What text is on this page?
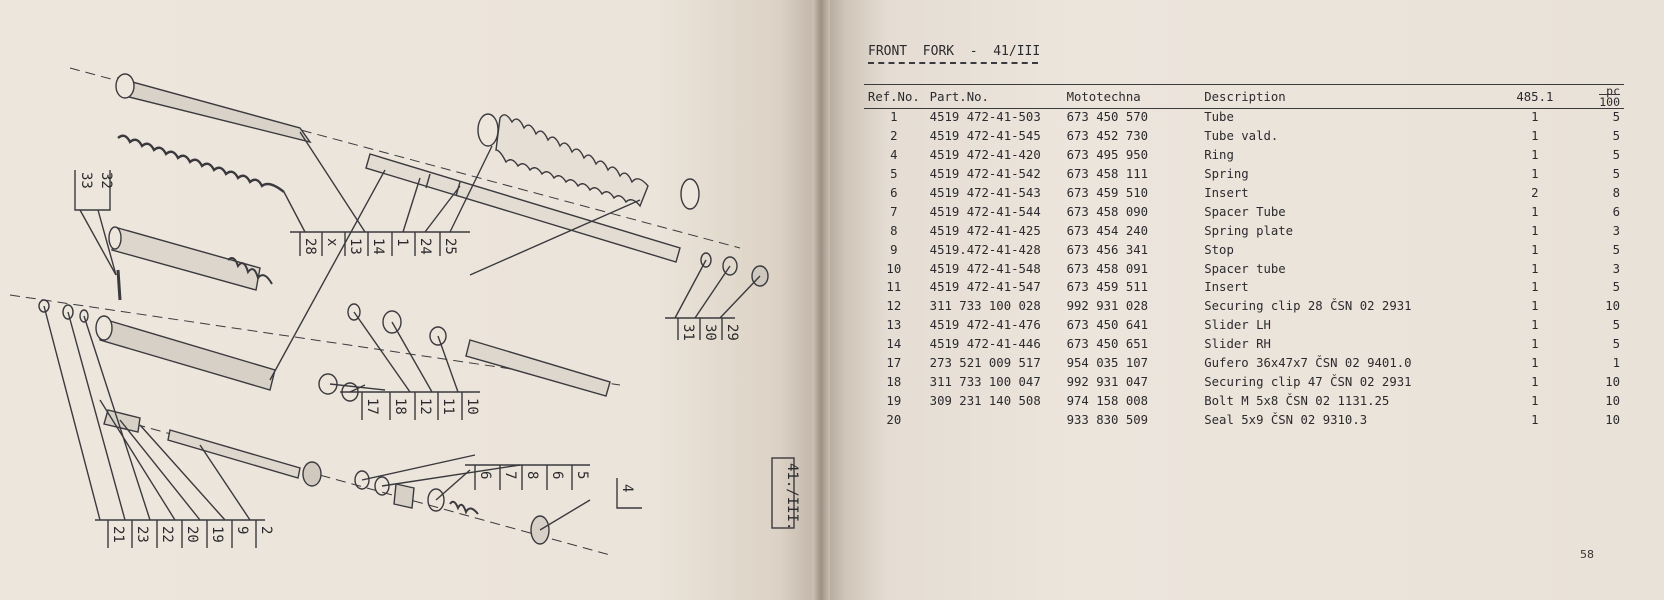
28 x 13 14 1 24 25
33 32
17 18 12 11 10
31 30 29
6 7 8 6 5
4
21 23 22 20 19 9 2	41./III.
FRONT  FORK  -  41/III
Ref.No.	Part.No.	Mototechna	Description	485.1	pc
100
1	4519 472-41-503	673 450 570	Tube	1	5
2	4519 472-41-545	673 452 730	Tube vald.	1	5
4	4519 472-41-420	673 495 950	Ring	1	5
5	4519 472-41-542	673 458 111	Spring	1	5
6	4519 472-41-543	673 459 510	Insert	2	8
7	4519 472-41-544	673 458 090	Spacer Tube	1	6
8	4519 472-41-425	673 454 240	Spring plate	1	3
9	4519.472-41-428	673 456 341	Stop	1	5
10	4519 472-41-548	673 458 091	Spacer tube	1	3
11	4519 472-41-547	673 459 511	Insert	1	5
12	311 733 100 028	992 931 028	Securing clip 28 ČSN 02 2931	1	10
13	4519 472-41-476	673 450 641	Slider LH	1	5
14	4519 472-41-446	673 450 651	Slider RH	1	5
17	273 521 009 517	954 035 107	Gufero 36x47x7 ČSN 02 9401.0	1	1
18	311 733 100 047	992 931 047	Securing clip 47 ČSN 02 2931	1	10
19	309 231 140 508	974 158 008	Bolt M 5x8 ČSN 02 1131.25	1	10
20		933 830 509	Seal 5x9 ČSN 02 9310.3	1	10
58
